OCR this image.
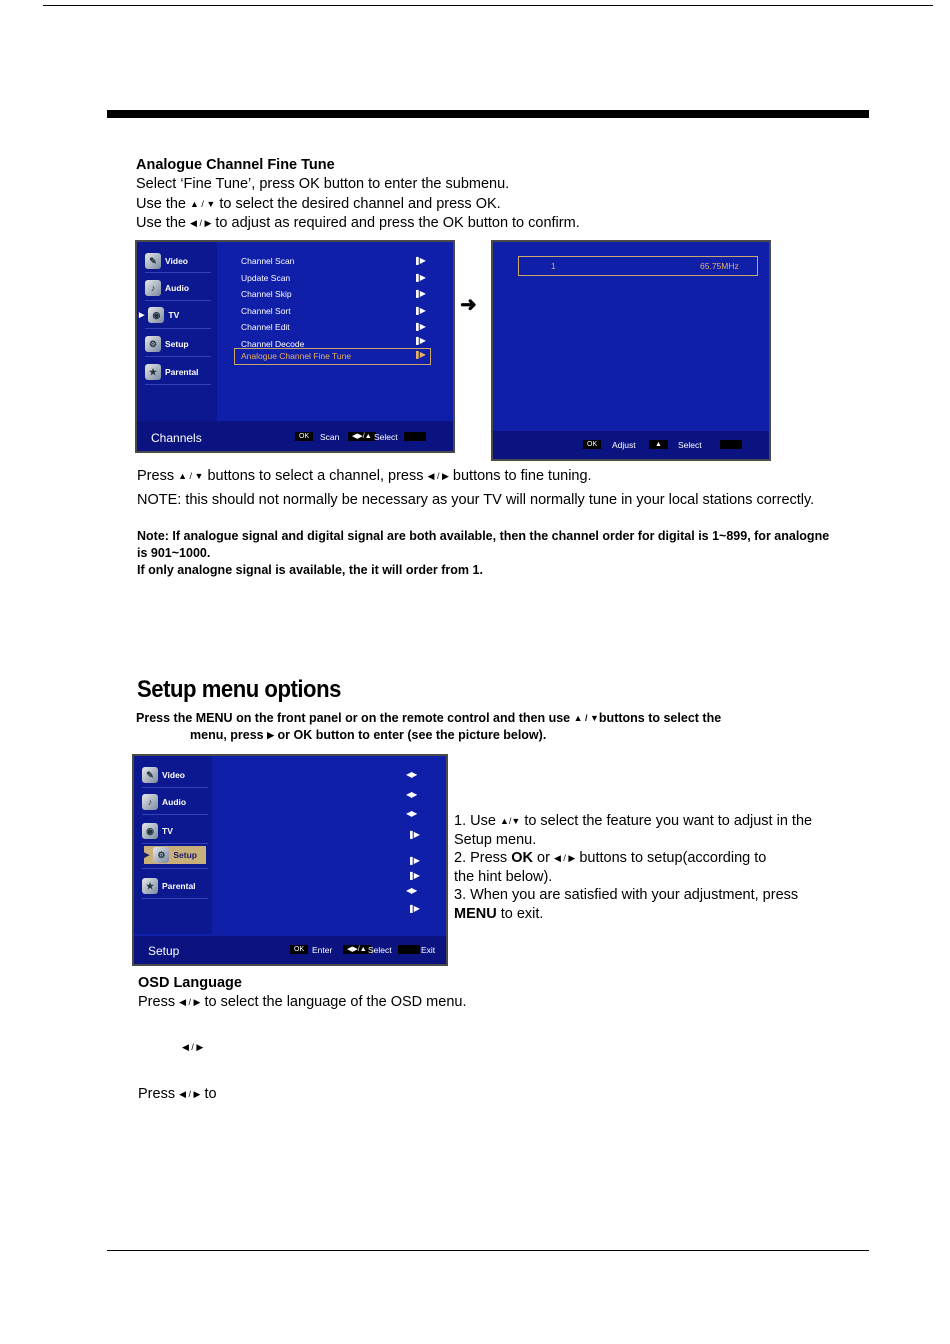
Analogue Channel Fine Tune
Select ‘Fine Tune’, press OK button to enter the submenu.
Use the ▲ / ▼ to select the desired channel and press OK.
Use the ◀ / ▶ to adjust as required and press the OK button to confirm.
✎ Video
♪	Audio
▶ ◉ TV
⚙ Setup
★ Parental
Channel Scan	❚▶
Update Scan	❚▶
Channel Skip	❚▶
Channel Sort	❚▶
Channel Edit	❚▶
Channel Decode	❚▶
Analogue Channel Fine Tune	❚▶
Channels	OK	Scan	◀▶/▲ Select
➜
1	65.75MHz
OK	Adjust	▲	Select
Press ▲ / ▼ buttons to select a channel, press ◀ / ▶ buttons to fine tuning.
NOTE: this should not normally be necessary as your TV will normally tune in your local stations correctly.
Note: If analogue signal and digital signal are both available, then the channel order for digital is 1~899, for analogne
is 901~1000.
If only analogne signal is available, the it will order from 1.
Setup menu options
Press the MENU on the front panel or on the remote control and then use ▲ / ▼buttons to select the
menu, press ▶ or OK button to enter (see the picture below).
✎ Video
♪	Audio
◉ TV
▶ ⚙ Setup
★ Parental
◀▶
◀▶
◀▶
❚▶
❚▶
❚▶
◀▶
❚▶
Setup	OK Enter	◀▶/▲ Select	Exit
1. Use ▲/▼ to select the feature you want to adjust in the
Setup menu.
2. Press OK or ◀ / ▶ buttons to setup(according to
the hint below).
3. When you are satisfied with your adjustment, press
MENU to exit.
OSD Language
Press ◀ / ▶ to select the language of the OSD menu.
◀ / ▶
Press ◀ / ▶ to
